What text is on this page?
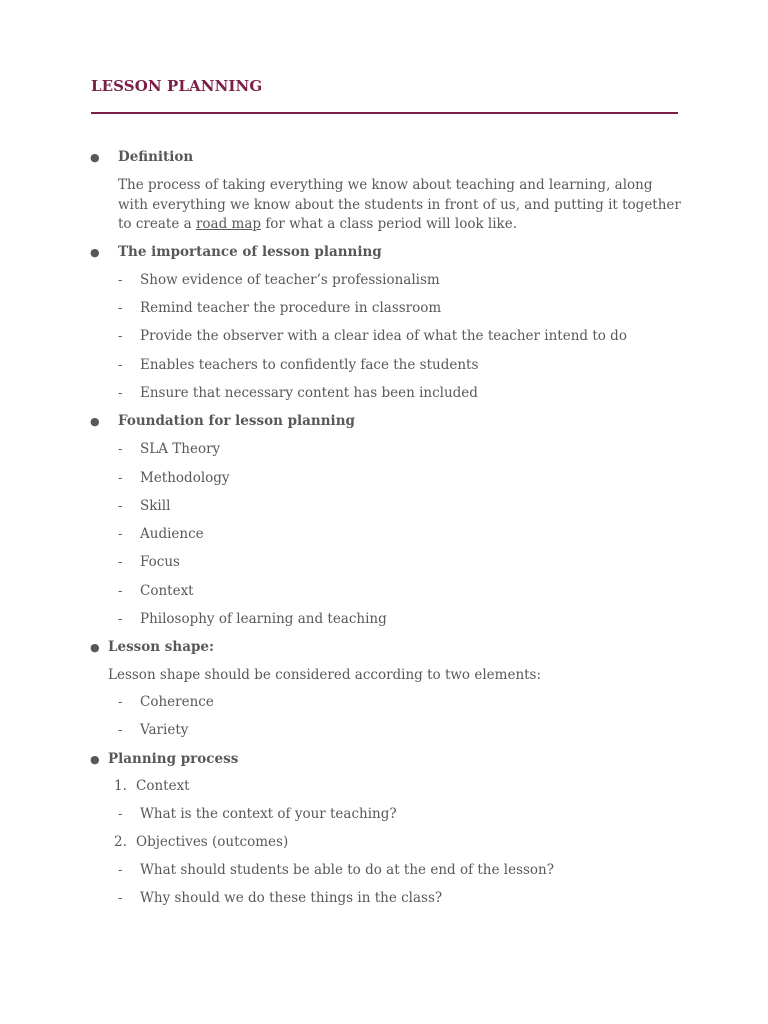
LESSON PLANNING
● Definition
The process of taking everything we know about teaching and learning, along with everything we know about the students in front of us, and putting it together to create a road map for what a class period will look like.
● The importance of lesson planning
- Show evidence of teacher’s professionalism
- Remind teacher the procedure in classroom
- Provide the observer with a clear idea of what the teacher intend to do
- Enables teachers to confidently face the students
- Ensure that necessary content has been included
● Foundation for lesson planning
- SLA Theory
- Methodology
- Skill
- Audience
- Focus
- Context
- Philosophy of learning and teaching
● Lesson shape:
Lesson shape should be considered according to two elements:
- Coherence
- Variety
● Planning process
1. Context
- What is the context of your teaching?
2. Objectives (outcomes)
- What should students be able to do at the end of the lesson?
- Why should we do these things in the class?
